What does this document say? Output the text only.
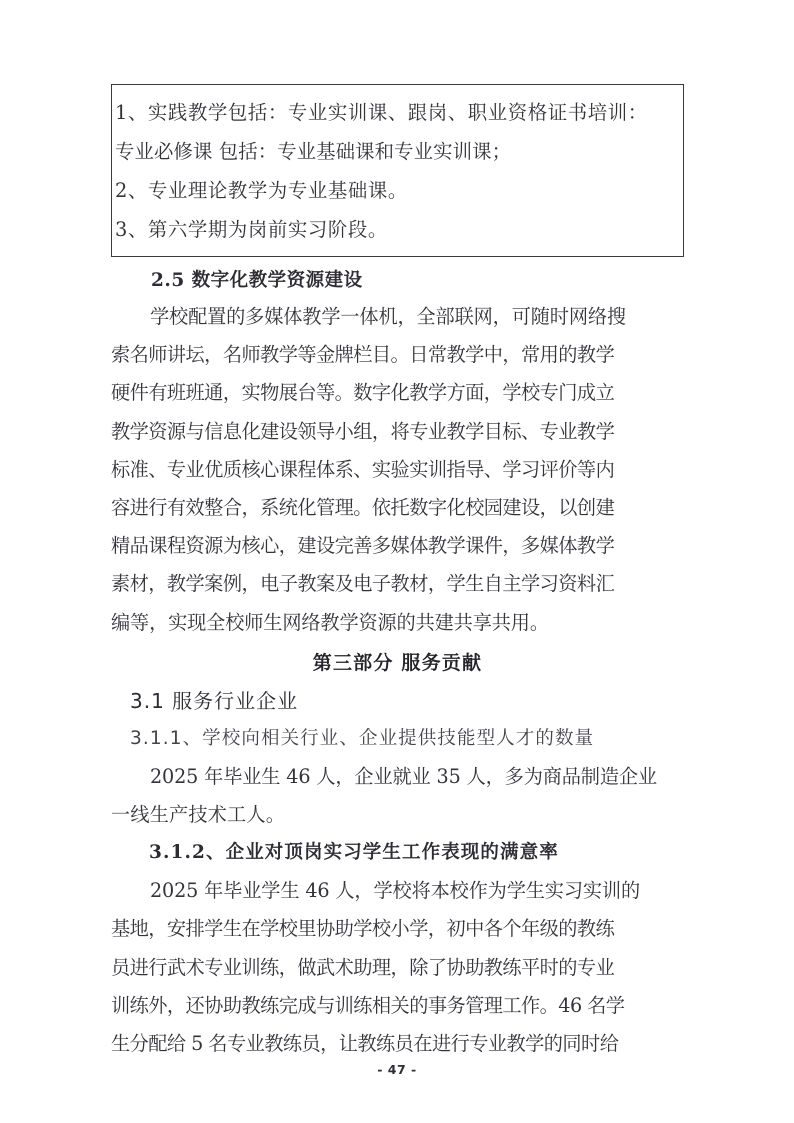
1、实践教学包括：专业实训课、跟岗、职业资格证书培训：
专业必修课 包括：专业基础课和专业实训课；
2、专业理论教学为专业基础课。
3、第六学期为岗前实习阶段。
2.5 数字化教学资源建设
学校配置的多媒体教学一体机，全部联网，可随时网络搜
索名师讲坛，名师教学等金牌栏目。日常教学中，常用的教学
硬件有班班通，实物展台等。数字化教学方面，学校专门成立
教学资源与信息化建设领导小组，将专业教学目标、专业教学
标准、专业优质核心课程体系、实验实训指导、学习评价等内
容进行有效整合，系统化管理。依托数字化校园建设，以创建
精品课程资源为核心，建设完善多媒体教学课件，多媒体教学
素材，教学案例，电子教案及电子教材，学生自主学习资料汇
编等，实现全校师生网络教学资源的共建共享共用。
第三部分 服务贡献
3.1 服务行业企业
3.1.1、学校向相关行业、企业提供技能型人才的数量
2025 年毕业生 46 人，企业就业 35 人，多为商品制造企业
一线生产技术工人。
3.1.2、企业对顶岗实习学生工作表现的满意率
2025 年毕业学生 46 人，学校将本校作为学生实习实训的
基地，安排学生在学校里协助学校小学，初中各个年级的教练
员进行武术专业训练，做武术助理，除了协助教练平时的专业
训练外，还协助教练完成与训练相关的事务管理工作。46 名学
生分配给 5 名专业教练员，让教练员在进行专业教学的同时给
- 47 -
